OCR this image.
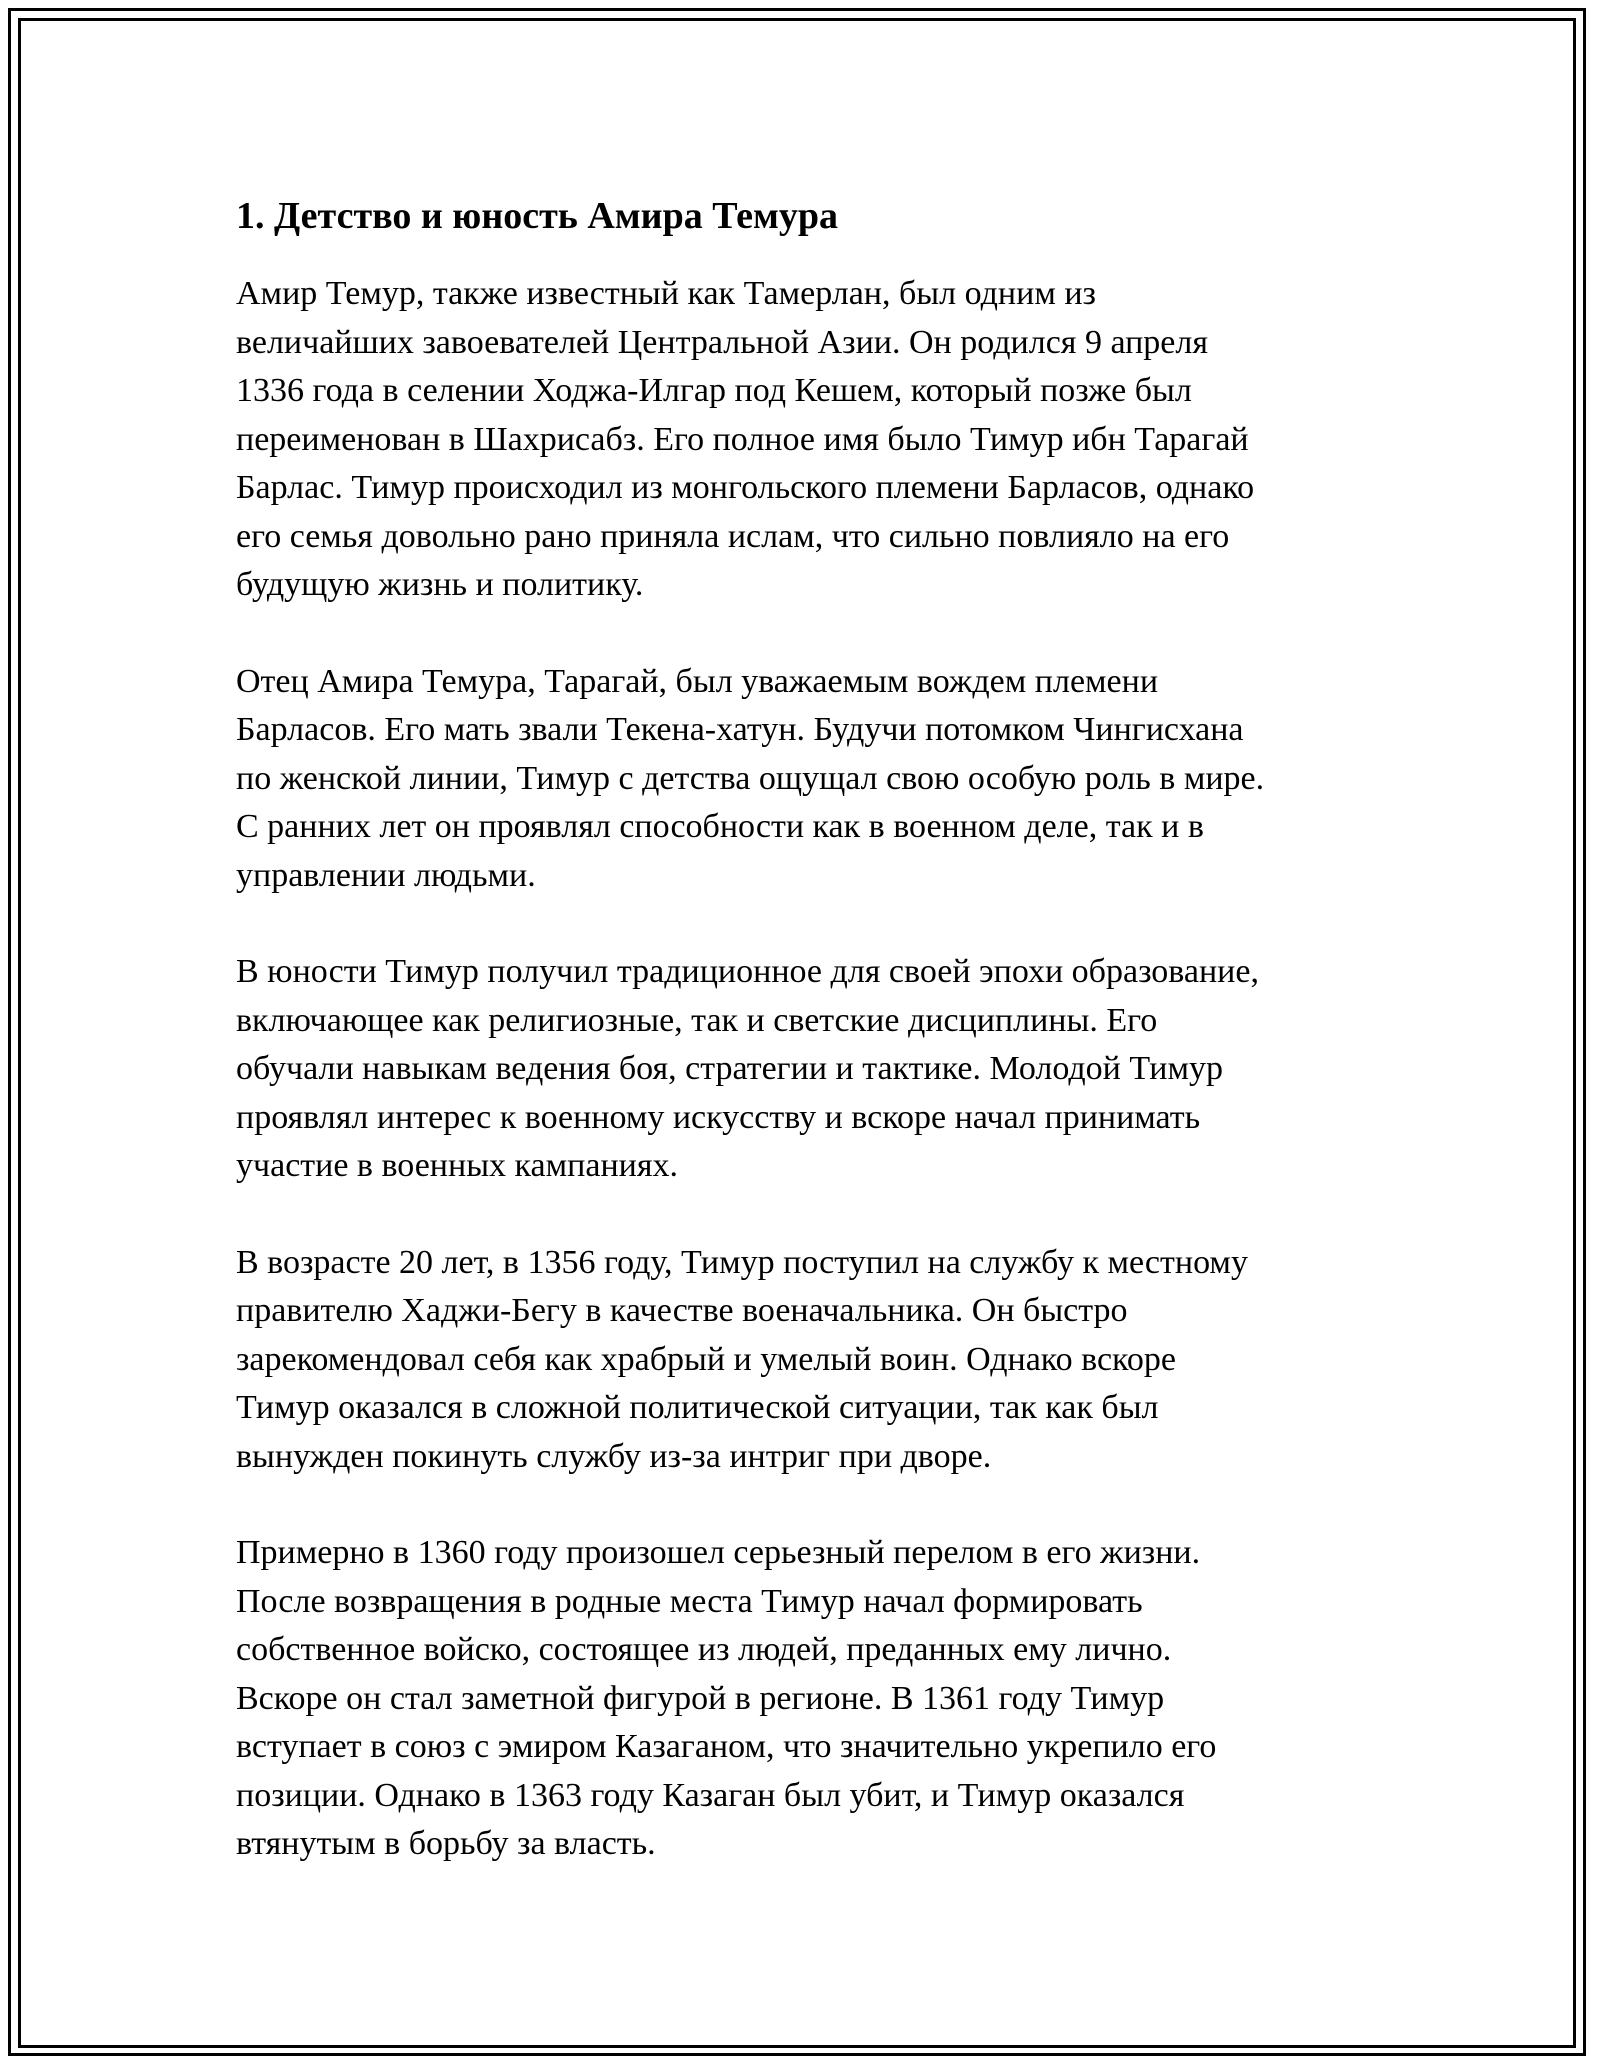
1. Детство и юность Амира Темура

Амир Темур, также известный как Тамерлан, был одним из
величайших завоевателей Центральной Азии. Он родился 9 апреля
1336 года в селении Ходжа-Илгар под Кешем, который позже был
переименован в Шахрисабз. Его полное имя было Тимур ибн Тарагай
Барлас. Тимур происходил из монгольского племени Барласов, однако
его семья довольно рано приняла ислам, что сильно повлияло на его
будущую жизнь и политику.

Отец Амира Темура, Тарагай, был уважаемым вождем племени
Барласов. Его мать звали Текена-хатун. Будучи потомком Чингисхана
по женской линии, Тимур с детства ощущал свою особую роль в мире.
С ранних лет он проявлял способности как в военном деле, так и в
управлении людьми.

В юности Тимур получил традиционное для своей эпохи образование,
включающее как религиозные, так и светские дисциплины. Его
обучали навыкам ведения боя, стратегии и тактике. Молодой Тимур
проявлял интерес к военному искусству и вскоре начал принимать
участие в военных кампаниях.

В возрасте 20 лет, в 1356 году, Тимур поступил на службу к местному
правителю Хаджи-Бегу в качестве военачальника. Он быстро
зарекомендовал себя как храбрый и умелый воин. Однако вскоре
Тимур оказался в сложной политической ситуации, так как был
вынужден покинуть службу из-за интриг при дворе.

Примерно в 1360 году произошел серьезный перелом в его жизни.
После возвращения в родные места Тимур начал формировать
собственное войско, состоящее из людей, преданных ему лично.
Вскоре он стал заметной фигурой в регионе. В 1361 году Тимур
вступает в союз с эмиром Казаганом, что значительно укрепило его
позиции. Однако в 1363 году Казаган был убит, и Тимур оказался
втянутым в борьбу за власть.
